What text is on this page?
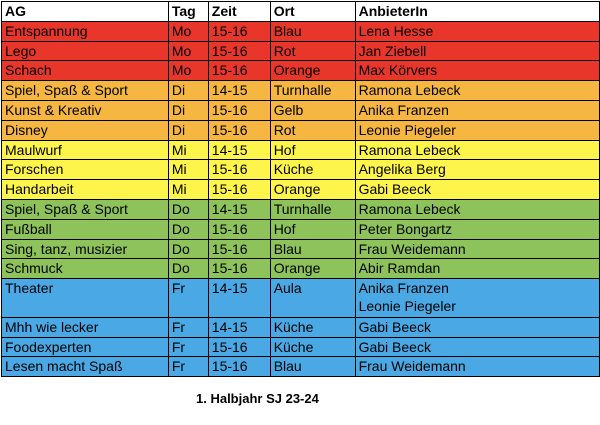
AG	Tag	Zeit	Ort	AnbieterIn
Entspannung	Mo	15-16	Blau	Lena Hesse
Lego	Mo	15-16	Rot	Jan Ziebell
Schach	Mo	15-16	Orange	Max Körvers
Spiel, Spaß & Sport	Di	14-15	Turnhalle	Ramona Lebeck
Kunst & Kreativ	Di	15-16	Gelb	Anika Franzen
Disney	Di	15-16	Rot	Leonie Piegeler
Maulwurf	Mi	14-15	Hof	Ramona Lebeck
Forschen	Mi	15-16	Küche	Angelika Berg
Handarbeit	Mi	15-16	Orange	Gabi Beeck
Spiel, Spaß & Sport	Do	14-15	Turnhalle	Ramona Lebeck
Fußball	Do	15-16	Hof	Peter Bongartz
Sing, tanz, musizier	Do	15-16	Blau	Frau Weidemann
Schmuck	Do	15-16	Orange	Abir Ramdan
Theater	Fr	14-15	Aula	Anika Franzen
Leonie Piegeler

Mhh wie lecker	Fr	14-15	Küche	Gabi Beeck
Foodexperten	Fr	15-16	Küche	Gabi Beeck
Lesen macht Spaß	Fr	15-16	Blau	Frau Weidemann
1. Halbjahr SJ 23-24
